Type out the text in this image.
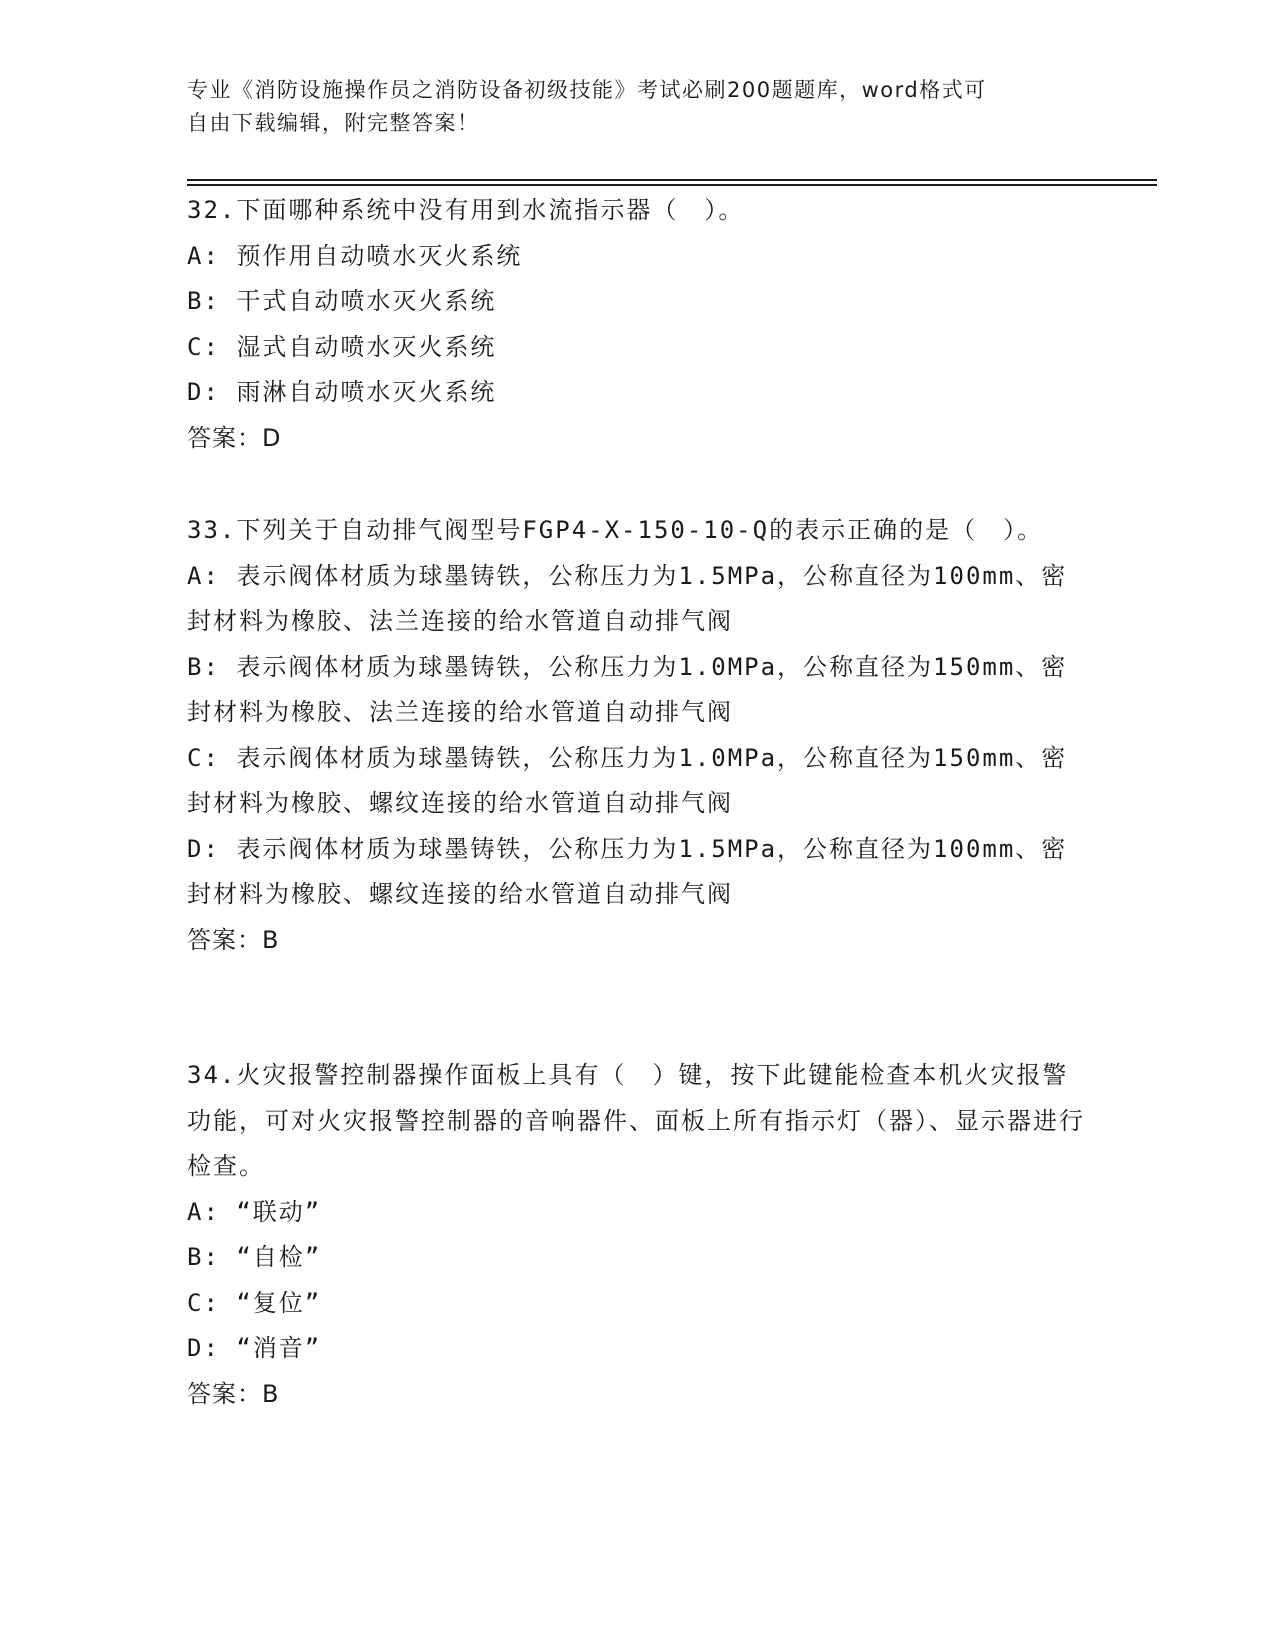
专业《消防设施操作员之消防设备初级技能》考试必刷200题题库，word格式可
自由下载编辑，附完整答案！
32.下面哪种系统中没有用到水流指示器（　）。
A: 预作用自动喷水灭火系统
B: 干式自动喷水灭火系统
C: 湿式自动喷水灭火系统
D: 雨淋自动喷水灭火系统
答案：D
33.下列关于自动排气阀型号FGP4-X-150-10-Q的表示正确的是（　）。
A: 表示阀体材质为球墨铸铁，公称压力为1.5MPa，公称直径为100mm、密封材料为橡胶、法兰连接的给水管道自动排气阀
B: 表示阀体材质为球墨铸铁，公称压力为1.0MPa，公称直径为150mm、密封材料为橡胶、法兰连接的给水管道自动排气阀
C: 表示阀体材质为球墨铸铁，公称压力为1.0MPa，公称直径为150mm、密封材料为橡胶、螺纹连接的给水管道自动排气阀
D: 表示阀体材质为球墨铸铁，公称压力为1.5MPa，公称直径为100mm、密封材料为橡胶、螺纹连接的给水管道自动排气阀
答案：B
34.火灾报警控制器操作面板上具有（　）键，按下此键能检查本机火灾报警功能，可对火灾报警控制器的音响器件、面板上所有指示灯（器）、显示器进行检查。
A: “联动”
B: “自检”
C: “复位”
D: “消音”
答案：B
